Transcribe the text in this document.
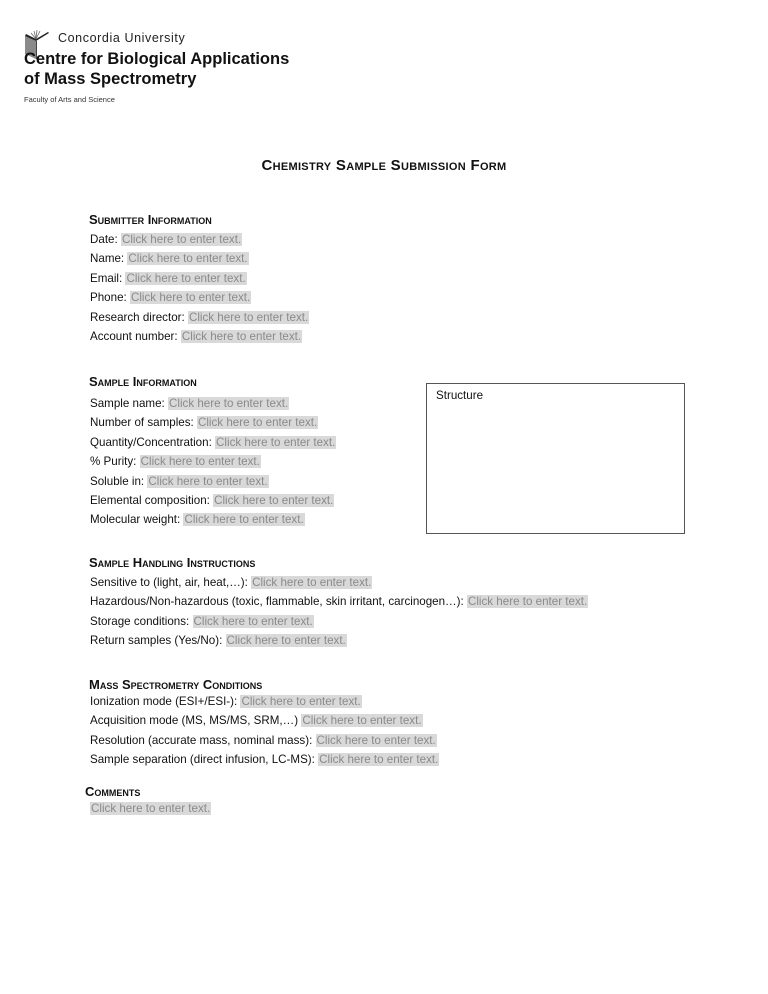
Concordia University
Centre for Biological Applications
of Mass Spectrometry
Faculty of Arts and Science
Chemistry Sample Submission Form
Submitter Information
Date: Click here to enter text.
Name: Click here to enter text.
Email: Click here to enter text.
Phone: Click here to enter text.
Research director: Click here to enter text.
Account number: Click here to enter text.
Sample Information
Sample name: Click here to enter text.
Number of samples: Click here to enter text.
Quantity/Concentration: Click here to enter text.
% Purity: Click here to enter text.
Soluble in: Click here to enter text.
Elemental composition: Click here to enter text.
Molecular weight: Click here to enter text.
Structure
Sample Handling Instructions
Sensitive to (light, air, heat,…): Click here to enter text.
Hazardous/Non-hazardous (toxic, flammable, skin irritant, carcinogen…): Click here to enter text.
Storage conditions: Click here to enter text.
Return samples (Yes/No): Click here to enter text.
Mass Spectrometry Conditions
Ionization mode (ESI+/ESI-): Click here to enter text.
Acquisition mode (MS, MS/MS, SRM,…) Click here to enter text.
Resolution (accurate mass, nominal mass): Click here to enter text.
Sample separation (direct infusion, LC-MS): Click here to enter text.
Comments
Click here to enter text.
